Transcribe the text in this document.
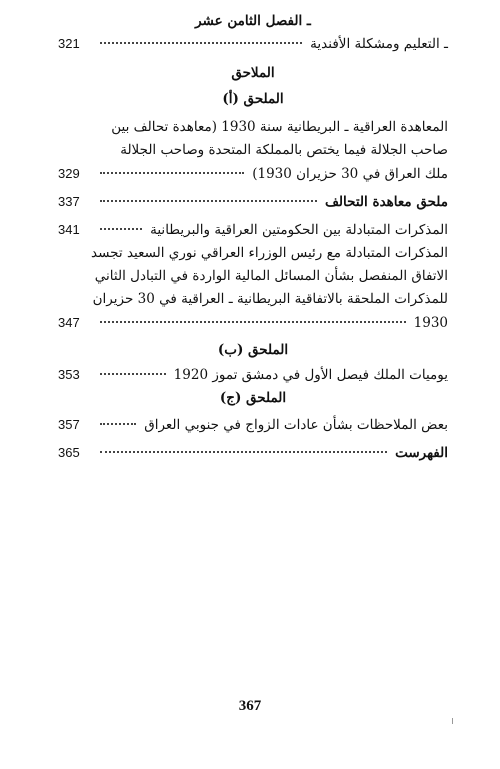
ـ الفصل الثامن عشر

ـ التعليم ومشكلة الأفندية
321

الملاحق

الملحق (أ)

المعاهدة العراقية ـ البريطانية سنة 1930 (معاهدة تحالف بين
صاحب الجلالة فيما يختص بالمملكة المتحدة وصاحب الجلالة
ملك العراق في 30 حزيران 1930)
329
ملحق معاهدة التحالف
337
المذكرات المتبادلة بين الحكومتين العراقية والبريطانية
341
المذكرات المتبادلة مع رئيس الوزراء العراقي نوري السعيد تجسد
الاتفاق المنفصل بشأن المسائل المالية الواردة في التبادل الثاني
للمذكرات الملحقة بالاتفاقية البريطانية ـ العراقية في 30 حزيران
1930
347

الملحق (ب)

يوميات الملك فيصل الأول في دمشق تموز 1920
353

الملحق (ج)

بعض الملاحظات بشأن عادات الزواج في جنوبي العراق
357
الفهرست
365
367
